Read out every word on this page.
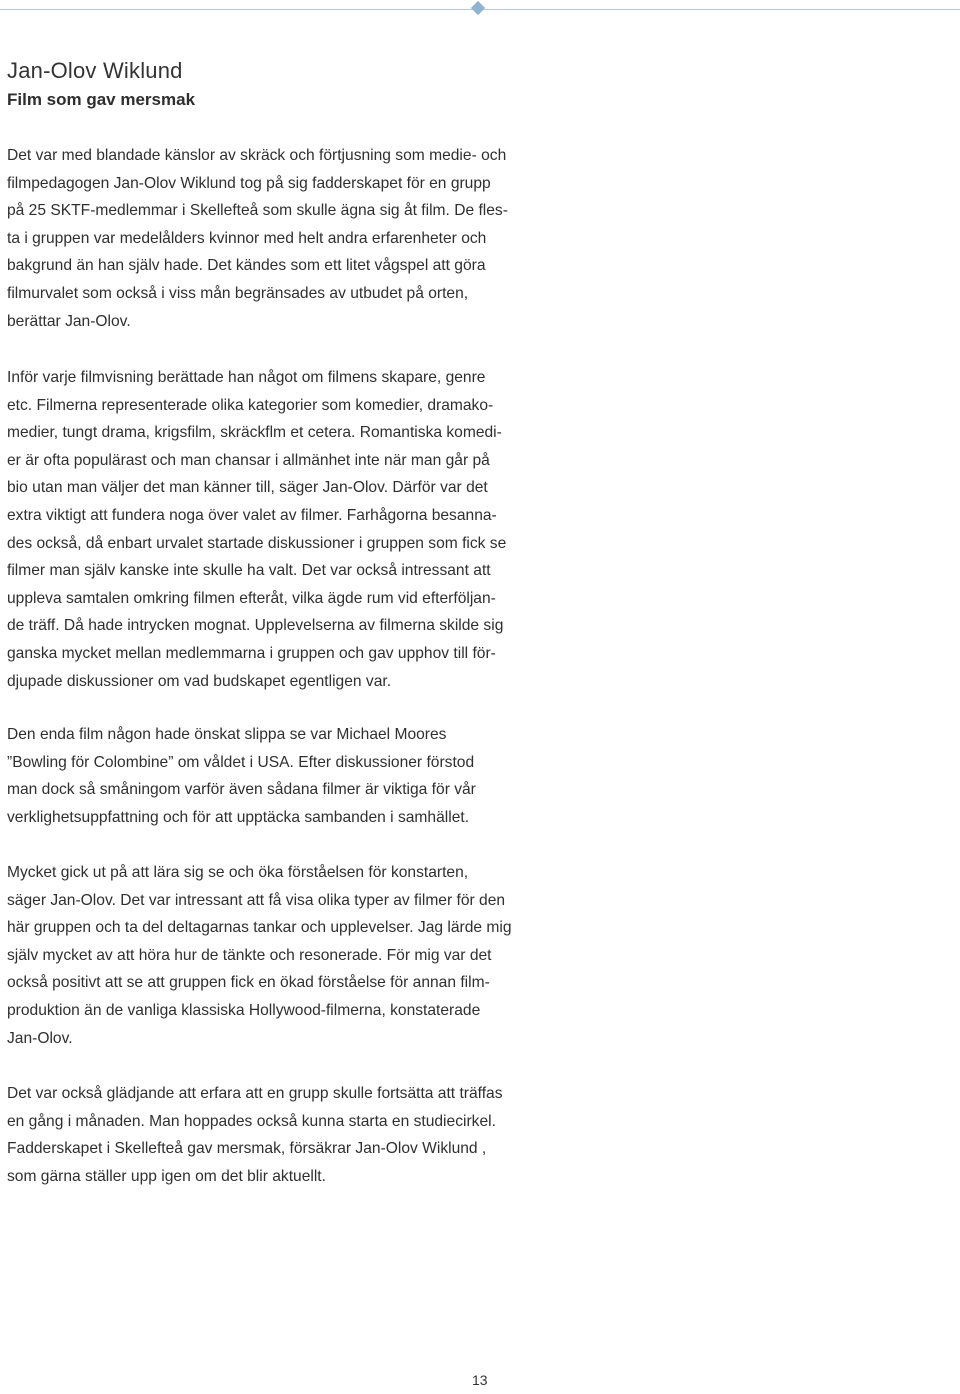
Jan-Olov Wiklund
Film som gav mersmak

Det var med blandade känslor av skräck och förtjusning som medie- och
filmpedagogen Jan-Olov Wiklund tog på sig fadderskapet för en grupp
på 25 SKTF-medlemmar i Skellefteå som skulle ägna sig åt film. De fles-
ta i gruppen var medelålders kvinnor med helt andra erfarenheter och
bakgrund än han själv hade. Det kändes som ett litet vågspel att göra
filmurvalet som också i viss mån begränsades av utbudet på orten,
berättar Jan-Olov.

Inför varje filmvisning berättade han något om filmens skapare, genre
etc. Filmerna representerade olika kategorier som komedier, dramako-
medier, tungt drama, krigsfilm, skräckflm et cetera. Romantiska komedi-
er är ofta populärast och man chansar i allmänhet inte när man går på
bio utan man väljer det man känner till, säger Jan-Olov. Därför var det
extra viktigt att fundera noga över valet av filmer. Farhågorna besanna-
des också, då enbart urvalet startade diskussioner i gruppen som fick se
filmer man själv kanske inte skulle ha valt. Det var också intressant att
uppleva samtalen omkring filmen efteråt, vilka ägde rum vid efterföljan-
de träff. Då hade intrycken mognat. Upplevelserna av filmerna skilde sig
ganska mycket mellan medlemmarna i gruppen och gav upphov till för-
djupade diskussioner om vad budskapet egentligen var.

Den enda film någon hade önskat slippa se var Michael Moores
”Bowling för Colombine” om våldet i USA. Efter diskussioner förstod
man dock så småningom varför även sådana filmer är viktiga för vår
verklighetsuppfattning och för att upptäcka sambanden i samhället.

Mycket gick ut på att lära sig se och öka förståelsen för konstarten,
säger Jan-Olov. Det var intressant att få visa olika typer av filmer för den
här gruppen och ta del deltagarnas tankar och upplevelser. Jag lärde mig
själv mycket av att höra hur de tänkte och resonerade. För mig var det
också positivt att se att gruppen fick en ökad förståelse för annan film-
produktion än de vanliga klassiska Hollywood-filmerna, konstaterade
Jan-Olov.

Det var också glädjande att erfara att en grupp skulle fortsätta att träffas
en gång i månaden. Man hoppades också kunna starta en studiecirkel.
Fadderskapet i Skellefteå gav mersmak, försäkrar Jan-Olov Wiklund ,
som gärna ställer upp igen om det blir aktuellt.

13
